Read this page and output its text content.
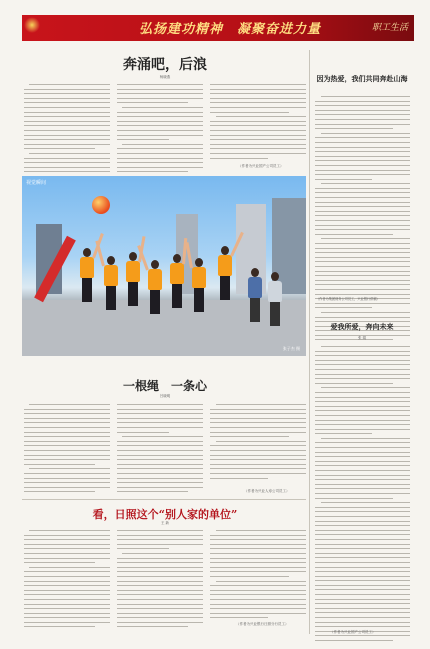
弘扬建功精神　凝聚奋进力量	职工生活
奔涌吧，后浪
杨晓燕
（作者为兴业国产公司员工）
因为热爱，我们共同奔赴山海
（作者为集团财务公司员工，兴业银行供稿）
视觉瞬间
张子杰 摄
一根绳　一条心
吕晓明
（作者为兴业人寿公司员工）
爱我所爱，奔向未来
张 娟
（作者为兴业国产公司员工）
看，日照这个“别人家的单位”
王 新
（作者为兴业银行日照分行员工）
